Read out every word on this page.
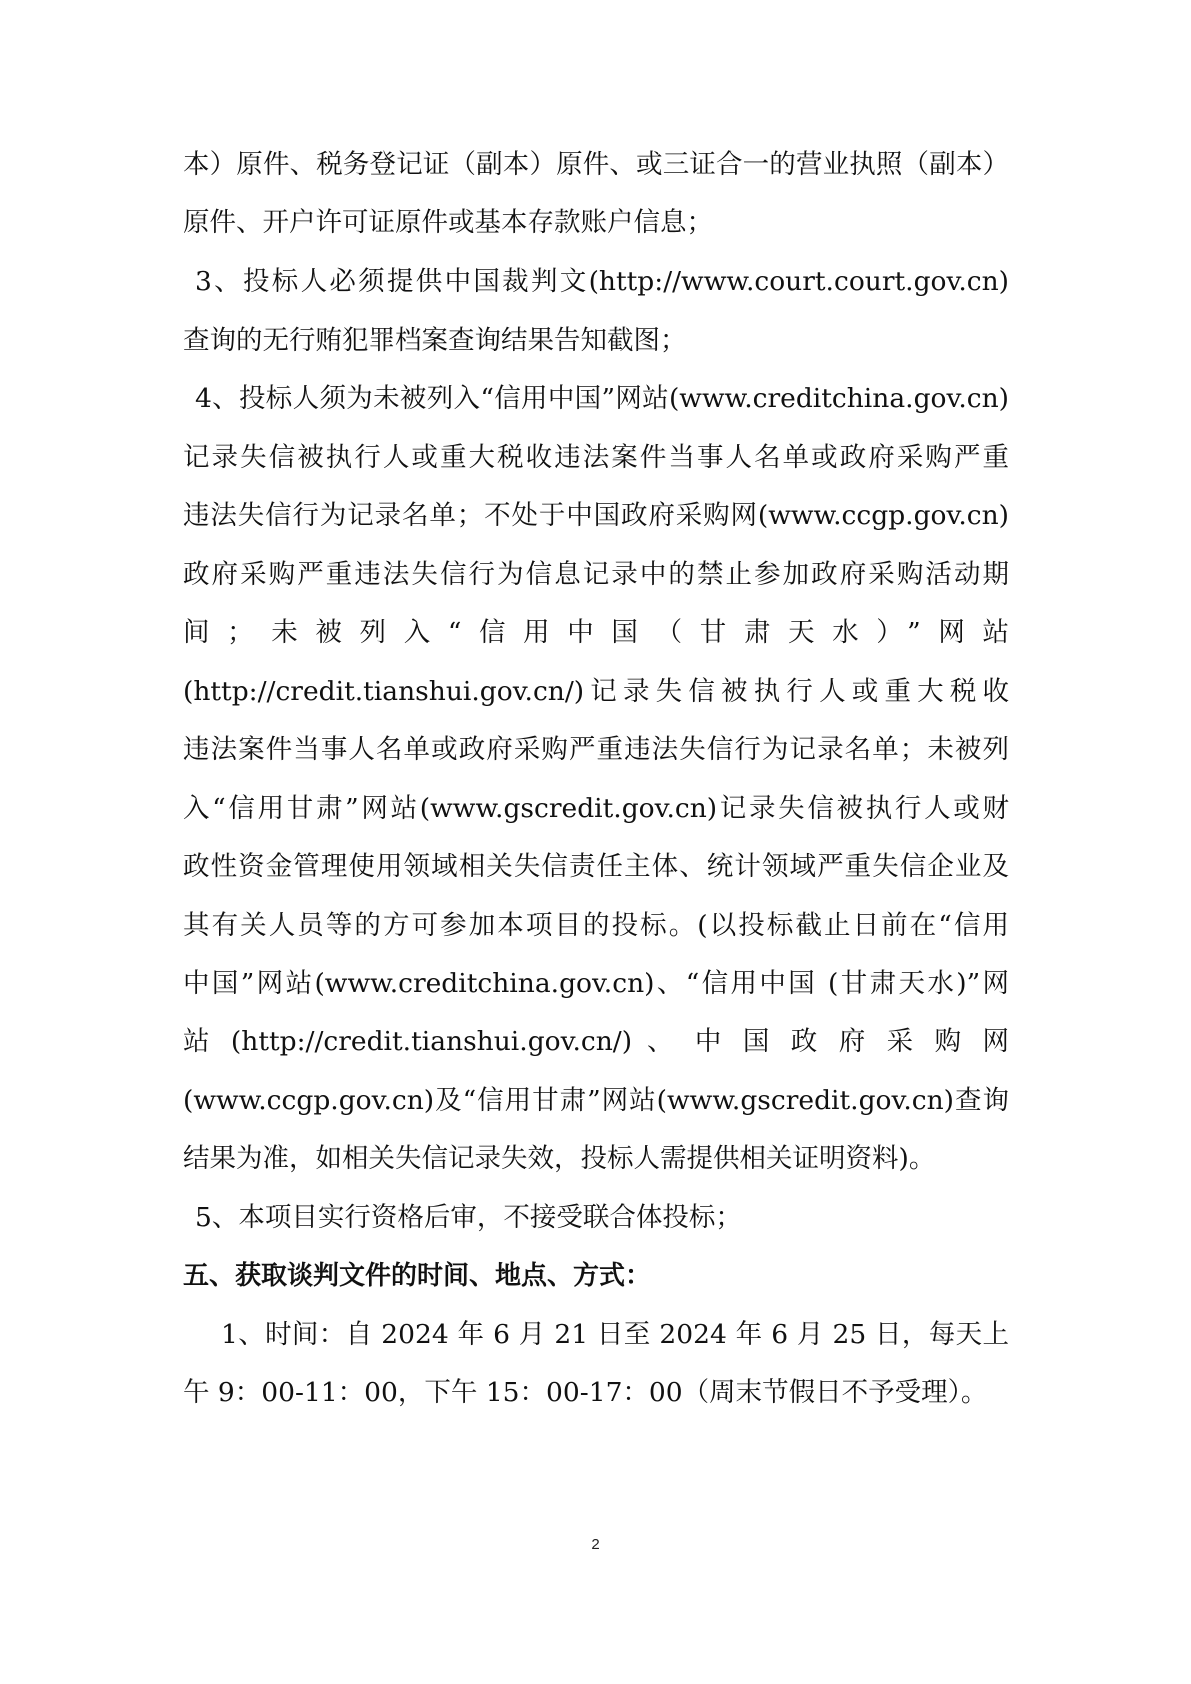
本）原件、税务登记证（副本）原件、或三证合一的营业执照（副本）
原件、开户许可证原件或基本存款账户信息；
3、投标人必须提供中国裁判文(http://www.court.court.gov.cn)
查询的无行贿犯罪档案查询结果告知截图；
4、投标人须为未被列入“信用中国”网站(www.creditchina.gov.cn)
记录失信被执行人或重大税收违法案件当事人名单或政府采购严重
违法失信行为记录名单；不处于中国政府采购网(www.ccgp.gov.cn)
政府采购严重违法失信行为信息记录中的禁止参加政府采购活动期
间；未被列入“信用中国（甘肃天水）”网站
(http://credit.tianshui.gov.cn/)记录失信被执行人或重大税收
违法案件当事人名单或政府采购严重违法失信行为记录名单；未被列
入“信用甘肃”网站(www.gscredit.gov.cn)记录失信被执行人或财
政性资金管理使用领域相关失信责任主体、统计领域严重失信企业及
其有关人员等的方可参加本项目的投标。(以投标截止日前在“信用
中国”网站(www.creditchina.gov.cn)、“信用中国 (甘肃天水)”网
站 (http://credit.tianshui.gov.cn/) 、 中 国 政 府 采 购 网
(www.ccgp.gov.cn)及“信用甘肃”网站(www.gscredit.gov.cn)查询
结果为准，如相关失信记录失效，投标人需提供相关证明资料)。
5、本项目实行资格后审，不接受联合体投标；
五、获取谈判文件的时间、地点、方式：
1、时间：自 2024 年 6 月 21 日至 2024 年 6 月 25 日，每天上
午 9：00-11：00，下午 15：00-17：00（周末节假日不予受理）。
2
